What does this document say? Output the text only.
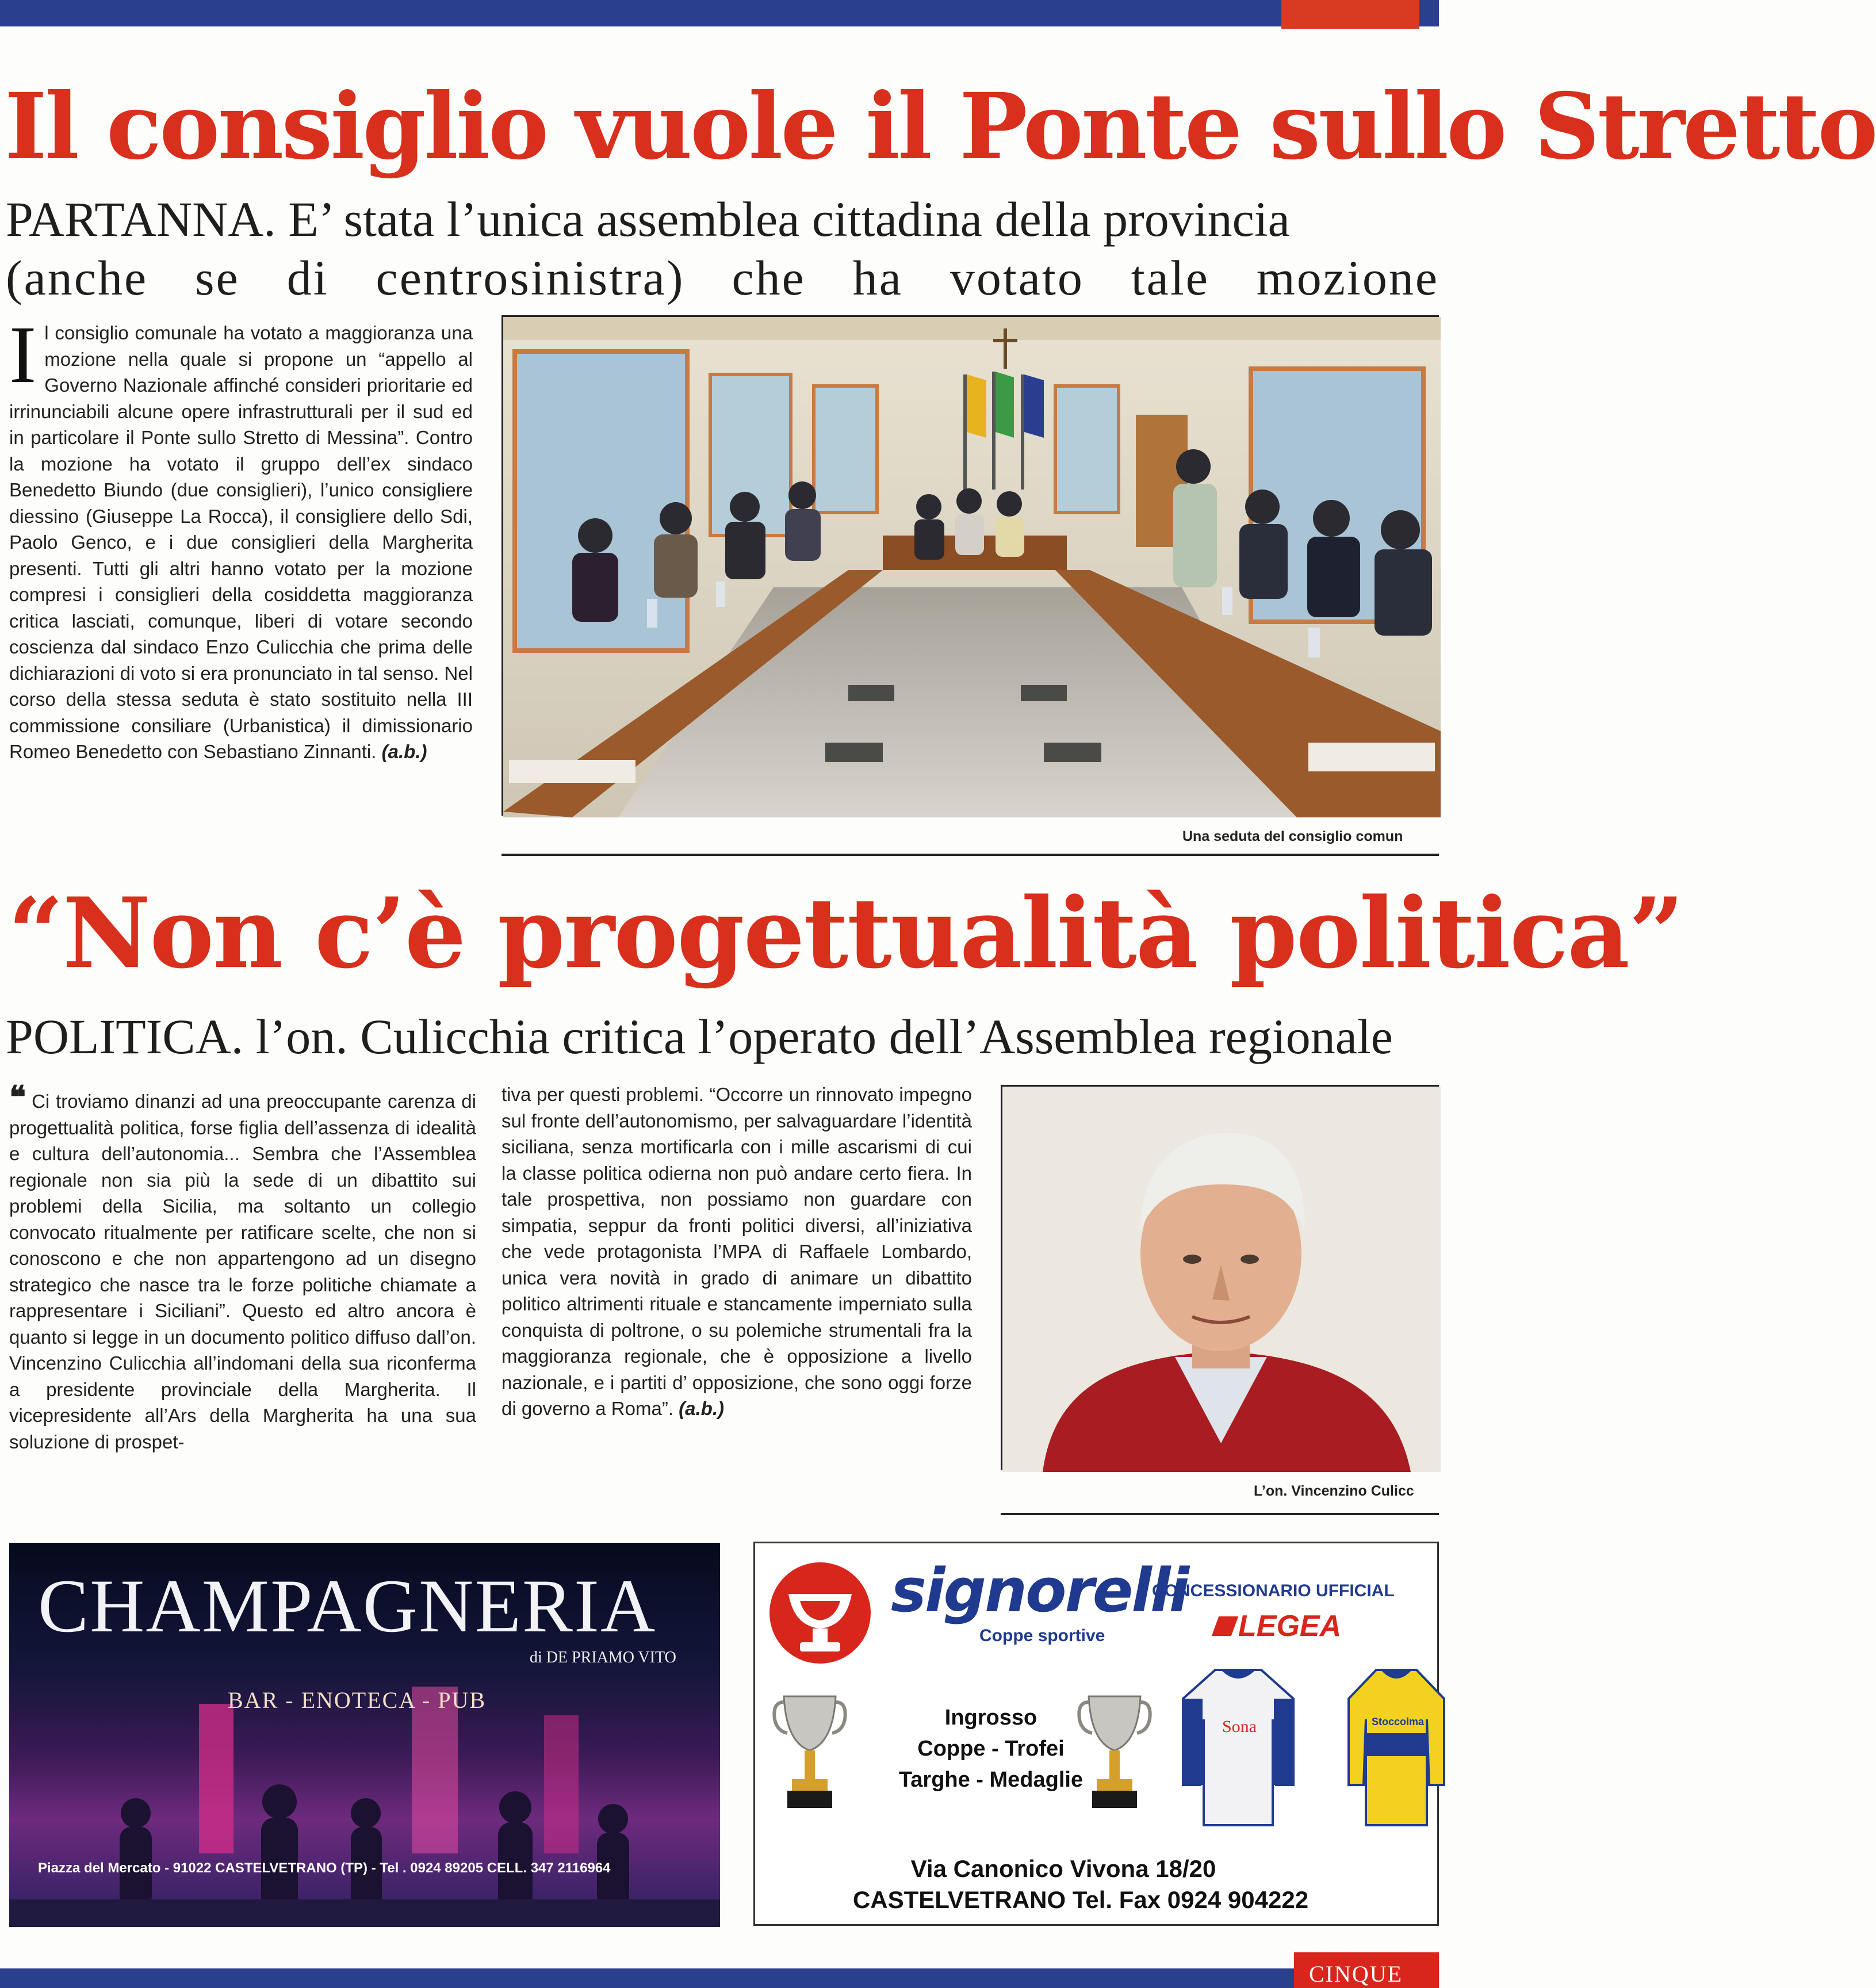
Il consiglio vuole il Ponte sullo Stretto
PARTANNA. E’ stata l’unica assemblea cittadina della provincia
(anche se di centrosinistra) che ha votato tale mozione
Il consiglio comunale ha votato a maggioranza una mozione nella quale si propone un “appello al Governo Nazionale affinché consideri prioritarie ed irrinunciabili alcune opere infrastrutturali per il sud ed in particolare il Ponte sullo Stretto di Messina”. Contro la mozione ha votato il gruppo dell’ex sindaco Benedetto Biundo (due consiglieri), l’unico consigliere diessino (Giuseppe La Rocca), il consigliere dello Sdi, Paolo Genco, e i due consiglieri della Margherita presenti. Tutti gli altri hanno votato per la mozione compresi i consiglieri della cosiddetta maggioranza critica lasciati, comunque, liberi di votare secondo coscienza dal sindaco Enzo Culicchia che prima delle dichiarazioni di voto si era pronunciato in tal senso. Nel corso della stessa seduta è stato sostituito nella III commissione consiliare (Urbanistica) il dimissionario Romeo Benedetto con Sebastiano Zinnanti. (a.b.)
Una seduta del consiglio comun
“Non c’è progettualità politica”
POLITICA. l’on. Culicchia critica l’operato dell’Assemblea regionale
❝ Ci troviamo dinanzi ad una preoccupante carenza di progettualità politica, forse figlia dell’assenza di idealità e cultura dell’autonomia... Sembra che l’Assemblea regionale non sia più la sede di un dibattito sui problemi della Sicilia, ma soltanto un collegio convocato ritualmente per ratificare scelte, che non si conoscono e che non appartengono ad un disegno strategico che nasce tra le forze politiche chiamate a rappresentare i Siciliani”. Questo ed altro ancora è quanto si legge in un documento politico diffuso dall’on. Vincenzino Culicchia all’indomani della sua riconferma a presidente provinciale della Margherita. Il vicepresidente all’Ars della Margherita ha una sua soluzione di prospet-
tiva per questi problemi. “Occorre un rinnovato impegno sul fronte dell’autonomismo, per salvaguardare l’identità siciliana, senza mortificarla con i mille ascarismi di cui la classe politica odierna non può andare certo fiera. In tale prospettiva, non possiamo non guardare con simpatia, seppur da fronti politici diversi, all’iniziativa che vede protagonista l’MPA di Raffaele Lombardo, unica vera novità in grado di animare un dibattito politico altrimenti rituale e stancamente imperniato sulla conquista di poltrone, o su polemiche strumentali fra la maggioranza regionale, che è opposizione a livello nazionale, e i partiti d’ opposizione, che sono oggi forze di governo a Roma”. (a.b.)
L’on. Vincenzino Culicc
CHAMPAGNERIA
di DE PRIAMO VITO
BAR - ENOTECA - PUB
Piazza del Mercato - 91022 CASTELVETRANO (TP) - Tel . 0924 89205 CELL. 347 2116964
signorelli
Coppe sportive
CONCESSIONARIO UFFICIAL
LEGEA
Ingrosso
Coppe - Trofei
Targhe - Medaglie
Sona	Stoccolma
Via Canonico Vivona 18/20
CASTELVETRANO Tel. Fax 0924 904222
CINQUE
